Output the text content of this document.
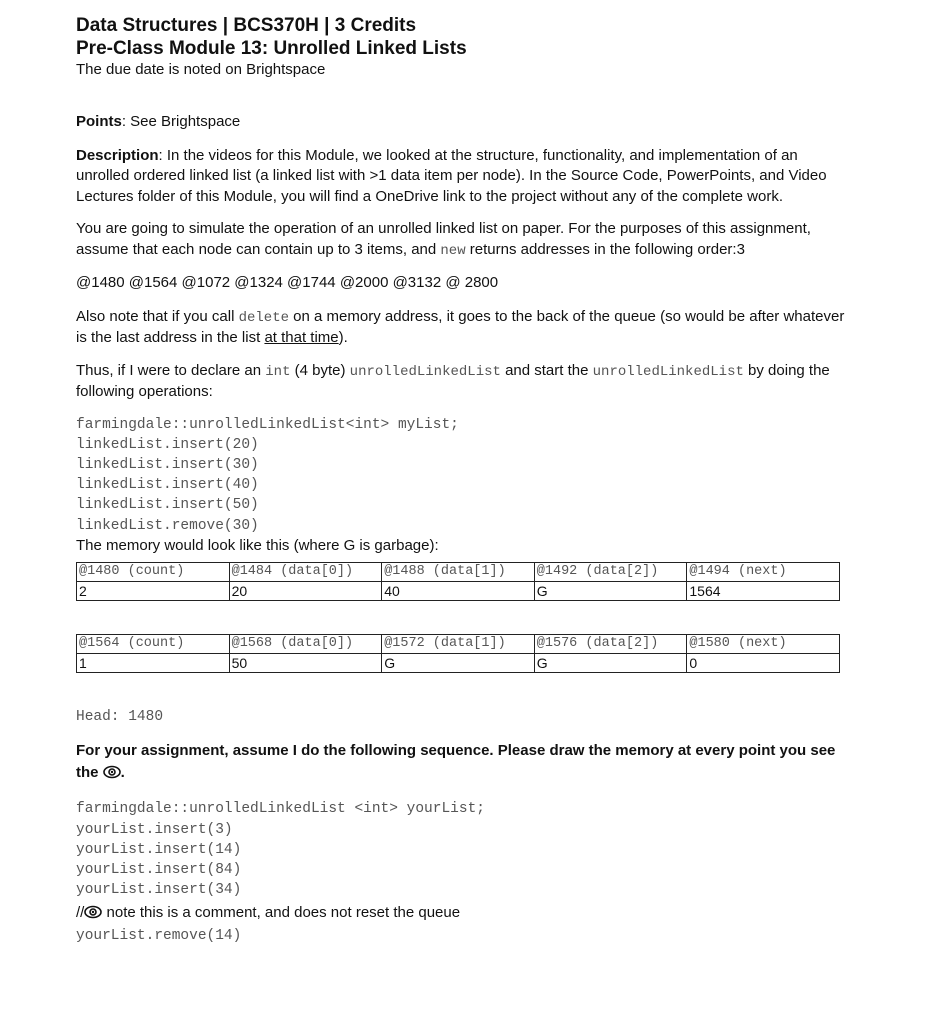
Data Structures | BCS370H | 3 Credits
Pre-Class Module 13: Unrolled Linked Lists
The due date is noted on Brightspace

Points: See Brightspace

Description: In the videos for this Module, we looked at the structure, functionality, and implementation of an unrolled ordered linked list (a linked list with >1 data item per node). In the Source Code, PowerPoints, and Video Lectures folder of this Module, you will find a OneDrive link to the project without any of the complete work.

You are going to simulate the operation of an unrolled linked list on paper. For the purposes of this assignment, assume that each node can contain up to 3 items, and new returns addresses in the following order:3

@1480 @1564 @1072 @1324 @1744 @2000 @3132 @ 2800

Also note that if you call delete on a memory address, it goes to the back of the queue (so would be after whatever is the last address in the list at that time).

Thus, if I were to declare an int (4 byte) unrolledLinkedList and start the unrolledLinkedList by doing the following operations:

farmingdale::unrolledLinkedList<int> myList;
linkedList.insert(20)
linkedList.insert(30)
linkedList.insert(40)
linkedList.insert(50)
linkedList.remove(30)

The memory would look like this (where G is garbage):

@1480 (count)	@1484 (data[0])	@1488 (data[1])	@1492 (data[2])	@1494 (next)
2	20	40	G	1564
@1564 (count)	@1568 (data[0])	@1572 (data[1])	@1576 (data[2])	@1580 (next)
1	50	G	G	0
Head: 1480

For your assignment, assume I do the following sequence. Please draw the memory at every point you see the .

farmingdale::unrolledLinkedList <int> yourList;
yourList.insert(3)
yourList.insert(14)
yourList.insert(84)
yourList.insert(34)

// note this is a comment, and does not reset the queue

yourList.remove(14)
